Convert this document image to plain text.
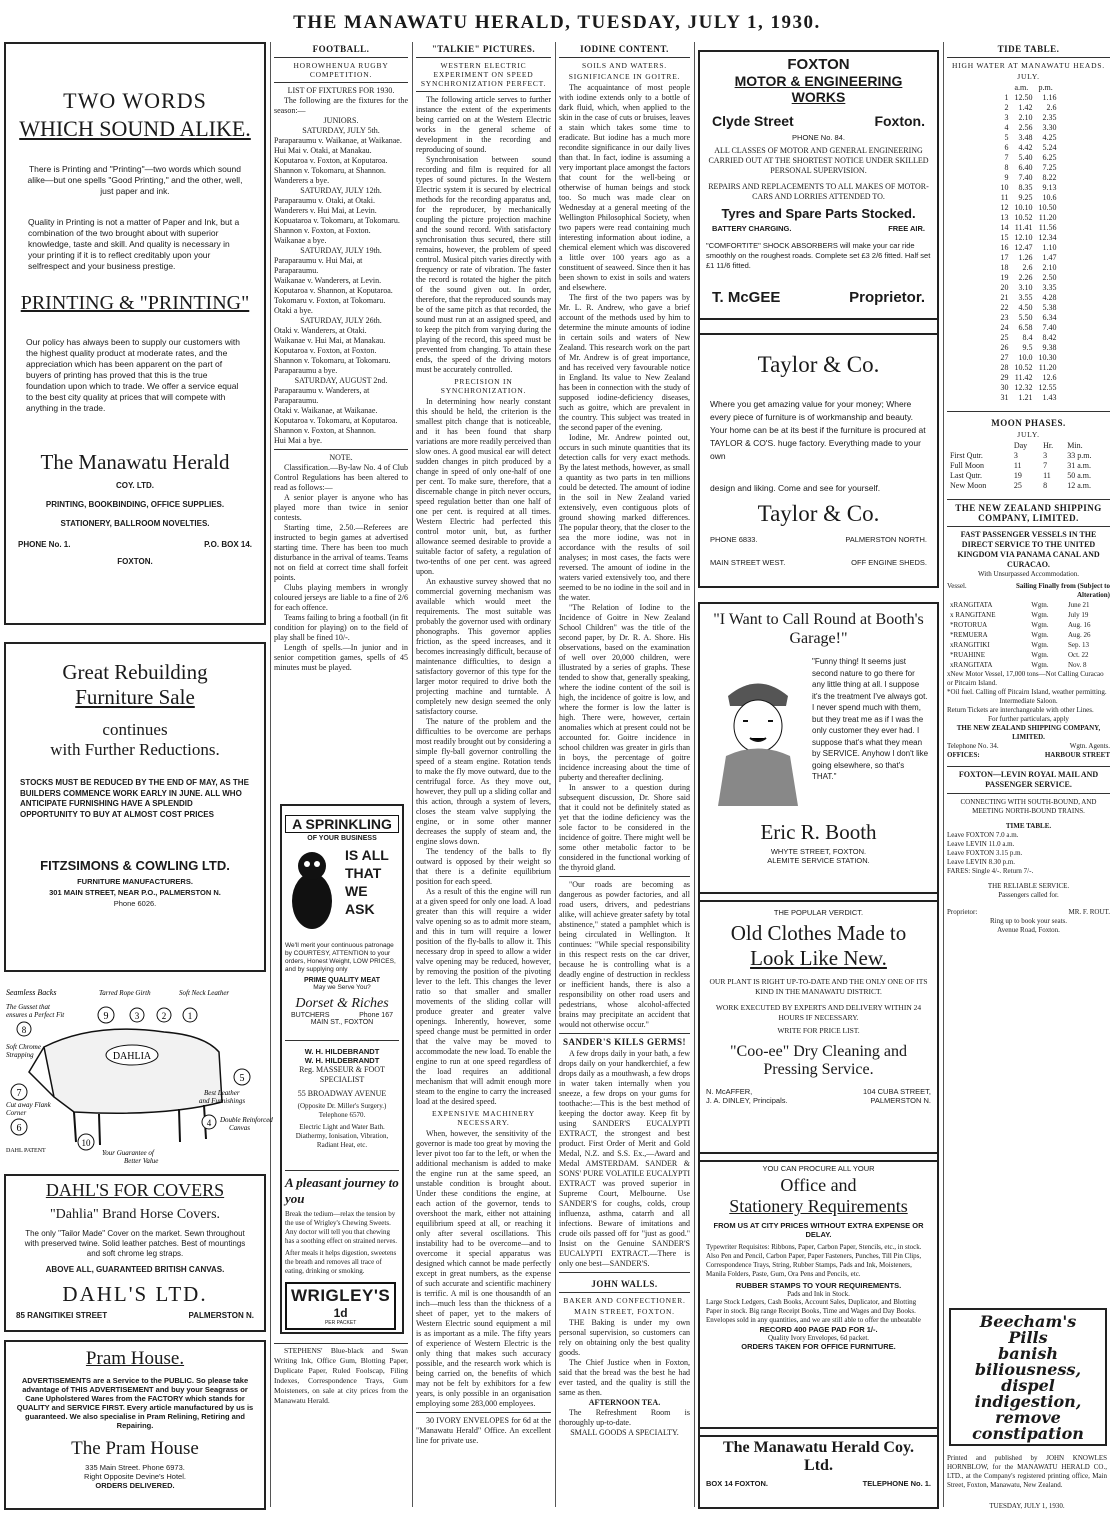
THE MANAWATU HERALD, TUESDAY, JULY 1, 1930.
TWO WORDS
WHICH SOUND ALIKE.
There is Printing and "Printing"—two words which sound alike—but one spells "Good Printing," and the other, well, just paper and ink.
Quality in Printing is not a matter of Paper and Ink, but a combination of the two brought about with superior knowledge, taste and skill. And quality is necessary in your printing if it is to reflect creditably upon your selfrespect and your business prestige.
PRINTING & "PRINTING"
Our policy has always been to supply our customers with the highest quality product at moderate rates, and the appreciation which has been apparent on the part of buyers of printing has proved that this is the true foundation upon which to trade. We offer a service equal to the best city quality at prices that will compete with anything in the trade.
The Manawatu Herald
COY. LTD.
PRINTING, BOOKBINDING, OFFICE SUPPLIES.
STATIONERY, BALLROOM NOVELTIES.
PHONE No. 1.	P.O. BOX 14.
FOXTON.
Great Rebuilding
Furniture Sale
continues
with Further Reductions.
STOCKS MUST BE REDUCED BY THE END OF MAY, AS THE BUILDERS COMMENCE WORK EARLY IN JUNE. ALL WHO ANTICIPATE FURNISHING HAVE A SPLENDID OPPORTUNITY TO BUY AT ALMOST COST PRICES
FITZSIMONS & COWLING LTD.
FURNITURE MANUFACTURERS.
301 MAIN STREET, NEAR P.O., PALMERSTON N.
Phone 6026.
DAHLIA
9	3	2 1
8
5
7
6	4
10
Seamless Backs	Tarred Rope Girth	Soft Neck Leather
The Gusset that
ensures a Perfect Fit
Soft Chrome
Strapping
Best Leather
and Furnishings
Cut away Flank
Corner
Double Reinforced
Canvas
DAHL PATENT	Your Guarantee of
Better Value
DAHL'S FOR COVERS
"Dahlia" Brand Horse Covers.
The only "Tailor Made" Cover on the market. Sewn throughout with preserved twine. Solid leather patches. Best of mountings and soft chrome leg straps.
ABOVE ALL, GUARANTEED BRITISH CANVAS.
DAHL'S LTD.
85 RANGITIKEI STREET	PALMERSTON N.
Pram House.
ADVERTISEMENTS are a Service to the PUBLIC. So please take advantage of THIS ADVERTISEMENT and buy your Seagrass or Cane Upholstered Wares from the FACTORY which stands for QUALITY and SERVICE FIRST. Every article manufactured by us is guaranteed. We also specialise in Pram Relining, Retiring and Repairing.
The Pram House
335 Main Street. Phone 6973.
Right Opposite Devine's Hotel.
ORDERS DELIVERED.
FOOTBALL.
HOROWHENUA RUGBY COMPETITION.
LIST OF FIXTURES FOR 1930.
The following are the fixtures for the season:—
JUNIORS.
SATURDAY, JULY 5th.
Paraparaumu v. Waikanae, at Waikanae.
Hui Mai v. Otaki, at Manakau.
Koputaroa v. Foxton, at Koputaroa.
Shannon v. Tokomaru, at Shannon.
Wanderers a bye.
SATURDAY, JULY 12th.
Paraparaumu v. Otaki, at Otaki.
Wanderers v. Hui Mai, at Levin.
Kopuataroa v. Tokomaru, at Tokomaru.
Shannon v. Foxton, at Foxton.
Waikanae a bye.
SATURDAY, JULY 19th.
Paraparaumu v. Hui Mai, at Paraparaumu.
Waikanae v. Wanderers, at Levin.
Koputaroa v. Shannon, at Koputaroa.
Tokomaru v. Foxton, at Tokomaru.
Otaki a bye.
SATURDAY, JULY 26th.
Otaki v. Wanderers, at Otaki.
Waikanae v. Hui Mai, at Manakau.
Koputaroa v. Foxton, at Foxton.
Shannon v. Tokomaru, at Tokomaru.
Paraparaumu a bye.
SATURDAY, AUGUST 2nd.
Paraparaumu v. Wanderers, at Paraparaumu.
Otaki v. Waikanae, at Waikanae.
Koputaroa v. Tokomaru, at Koputaroa.
Shannon v. Foxton, at Shannon.
Hui Mai a bye.
NOTE.
Classification.—By-law No. 4 of Club Control Regulations has been altered to read as follows:—
A senior player is anyone who has played more than twice in senior contests.
Starting time, 2.50.—Referees are instructed to begin games at advertised starting time. There has been too much disturbance in the arrival of teams. Teams not on field at correct time shall forfeit points.
Clubs playing members in wrongly coloured jerseys are liable to a fine of 2/6 for each offence.
Teams failing to bring a football (in fit condition for playing) on to the field of play shall be fined 10/-.
Length of spells.—In junior and in senior competition games, spells of 45 minutes must be played.
A SPRINKLING
OF YOUR BUSINESS
IS ALL THAT WE ASK
We'll merit your continuous patronage by COURTESY, ATTENTION to your orders, Honest Weight, LOW PRICES, and by supplying only
PRIME QUALITY MEAT
May we Serve You?
Dorset & Riches
BUTCHERS	Phone 167
MAIN ST., FOXTON
W. H. HILDEBRANDT
W. H. HILDEBRANDT
Reg. MASSEUR & FOOT SPECIALIST
55 BROADWAY AVENUE
(Opposite Dr. Miller's Surgery.) Telephone 6570.
Electric Light and Water Bath. Diathermy, Ionisation, Vibration, Radiant Heat, etc.
A pleasant journey to you
Break the tedium—relax the tension by the use of Wrigley's Chewing Sweets. Any doctor will tell you that chewing has a soothing effect on strained nerves.
After meals it helps digestion, sweetens the breath and removes all trace of eating, drinking or smoking.
WRIGLEY'S
1d
PER PACKET
STEPHENS' Blue-black and Swan Writing Ink, Office Gum, Blotting Paper, Duplicate Paper, Ruled Foolscap, Filing Indexes, Correspondence Trays, Gum Moisteners, on sale at city prices from the Manawatu Herald.
"TALKIE" PICTURES.
WESTERN ELECTRIC EXPERIMENT ON SPEED SYNCHRONIZATION PERFECT.
The following article serves to further instance the extent of the experiments being carried on at the Western Electric works in the general scheme of development in the recording and reproducing of sound.
Synchronisation between sound recording and film is required for all types of sound pictures. In the Western Electric system it is secured by electrical methods for the recording apparatus and, for the reproducer, by mechanically coupling the picture projection machine and the sound record. With satisfactory synchronisation thus secured, there still remains, however, the problem of speed control. Musical pitch varies directly with frequency or rate of vibration. The faster the record is rotated the higher the pitch of the sound given out. In order, therefore, that the reproduced sounds may be of the same pitch as that recorded, the sound must run at an assigned speed, and to keep the pitch from varying during the playing of the record, this speed must be prevented from changing. To attain these ends, the speed of the driving motors must be accurately controlled.
PRECISION IN SYNCHRONIZATION.
In determining how nearly constant this should be held, the criterion is the smallest pitch change that is noticeable, and it has been found that sharp variations are more readily perceived than slow ones. A good musical ear will detect sudden changes in pitch produced by a change in speed of only one-half of one per cent. To make sure, therefore, that a discernable change in pitch never occurs, speed regulation better than one half of one per cent. is required at all times. Western Electric had perfected this control motor unit, but, as further allowance seemed desirable to provide a suitable factor of safety, a regulation of two-tenths of one per cent. was agreed upon.
An exhaustive survey showed that no commercial governing mechanism was available which would meet the requirements. The most suitable was probably the governor used with ordinary phonographs. This governor applies friction, as the speed increases, and it becomes increasingly difficult, because of maintenance difficulties, to design a satisfactory governor of this type for the larger motor required to drive both the projecting machine and turntable. A completely new design seemed the only satisfactory course.
The nature of the problem and the difficulties to be overcome are perhaps most readily brought out by considering a simple fly-ball governor controlling the speed of a steam engine. Rotation tends to make the fly move outward, due to the centrifugal force. As they move out, however, they pull up a sliding collar and this action, through a system of levers, closes the steam valve supplying the engine, or in some other manner decreases the supply of steam and, the engine slows down.
The tendency of the balls to fly outward is opposed by their weight so that there is a definite equilibrium position for each speed.
As a result of this the engine will run at a given speed for only one load. A load greater than this will require a wider valve opening so as to admit more steam, and this in turn will require a lower position of the fly-balls to allow it. This necessary drop in speed to allow a wider valve opening may be reduced, however, by removing the position of the pivoting lever to the left. This changes the lever ratio so that smaller and smaller movements of the sliding collar will produce greater and greater valve openings. Inherently, however, some speed change must be permitted in order that the valve may be moved to accommodate the new load. To enable the engine to run at one speed regardless of the load requires an additional mechanism that will admit enough more steam to the engine to carry the increased load at the desired speed.
EXPENSIVE MACHINERY NECESSARY.
When, however, the sensitivity of the governor is made too great by moving the lever pivot too far to the left, or when the additional mechanism is added to make the engine run at the same speed, an unstable condition is brought about. Under these conditions the engine, at each action of the governor, tends to overshoot the mark, either not attaining equilibrium speed at all, or reaching it only after several oscillations. This instability had to be overcome—and to overcome it special apparatus was designed which cannot be made perfectly except in great numbers, as the expense of such accurate and scientific machinery is terrific. A mil is one thousandth of an inch—much less than the thickness of a sheet of paper, yet to the makers of Western Electric sound equipment a mil is as important as a mile. The fifty years of experience of Western Electric is the only thing that makes such accuracy possible, and the research work which is being carried on, the benefits of which may not be felt by exhibitors for a few years, is only possible in an organisation employing some 283,000 employees.
30 IVORY ENVELOPES for 6d at the "Manawatu Herald" Office. An excellent line for private use.
IODINE CONTENT.
SOILS AND WATERS.
SIGNIFICANCE IN GOITRE.
The acquaintance of most people with iodine extends only to a bottle of dark fluid, which, when applied to the skin in the case of cuts or bruises, leaves a stain which takes some time to eradicate. But iodine has a much more recondite significance in our daily lives than that. In fact, iodine is assuming a very important place amongst the factors that count for the well-being or otherwise of human beings and stock too. So much was made clear on Wednesday at a general meeting of the Wellington Philosophical Society, when two papers were read containing much interesting information about iodine, a chemical element which was discovered a little over 100 years ago as a constituent of seaweed. Since then it has been shown to exist in soils and waters and elsewhere.
The first of the two papers was by Mr. L. R. Andrew, who gave a brief account of the methods used by him to determine the minute amounts of iodine in certain soils and waters of New Zealand. This research work on the part of Mr. Andrew is of great importance, and has received very favourable notice in England. Its value to New Zealand has been in connection with the study of supposed iodine-deficiency diseases, such as goitre, which are prevalent in the country. This subject was treated in the second paper of the evening.
Iodine, Mr. Andrew pointed out, occurs in such minute quantities that its detection calls for very exact methods. By the latest methods, however, as small a quantity as two parts in ten millions could be detected. The amount of iodine in the soil in New Zealand varied extensively, even contiguous plots of ground showing marked differences. The popular theory, that the closer to the sea the more iodine, was not in accordance with the results of soil analyses; in most cases, the facts were reversed. The amount of iodine in the waters varied extensively too, and there seemed to be no iodine in the soil and in the water.
"The Relation of Iodine to the Incidence of Goitre in New Zealand School Children" was the title of the second paper, by Dr. R. A. Shore. His observations, based on the examination of well over 20,000 children, were illustrated by a series of graphs. These tended to show that, generally speaking, where the iodine content of the soil is high, the incidence of goitre is low, and where the former is low the latter is high. There were, however, certain anomalies which at present could not be accounted for. Goitre incidence in school children was greater in girls than in boys, the percentage of goitre incidence increasing about the time of puberty and thereafter declining.
In answer to a question during subsequent discussion, Dr. Shore said that it could not be definitely stated as yet that the iodine deficiency was the sole factor to be considered in the incidence of goitre. There might well be some other metabolic factor to be considered in the functional working of the thyroid gland.
"Our roads are becoming as dangerous as powder factories, and all road users, drivers, and pedestrians alike, will achieve greater safety by total abstinence," stated a pamphlet which is being circulated in Wellington. It continues: "While special responsibility in this respect rests on the car driver, because he is controlling what is a deadly engine of destruction in reckless or inefficient hands, there is also a responsibility on other road users and pedestrians, whose alcohol-affected brains may precipitate an accident that would not otherwise occur."
SANDER'S KILLS GERMS!
A few drops daily in your bath, a few drops daily on your handkerchief, a few drops daily as a mouthwash, a few drops in water taken internally when you sneeze, a few drops on your gums for toothache:—This is the best method of keeping the doctor away. Keep fit by using SANDER'S EUCALYPTI EXTRACT, the strongest and best product. First Order of Merit and Gold Medal, N.Z. and S.S. Ex.,—Award and Medal AMSTERDAM. SANDER & SONS' PURE VOLATILE EUCALYPTI EXTRACT was proved superior in Supreme Court, Melbourne. Use SANDER'S for coughs, colds, croup influenza, asthma, catarrh and all infections. Beware of imitations and crude oils passed off for "just as good." Insist on the Genuine SANDER'S EUCALYPTI EXTRACT.—There is only one best—SANDER'S.
JOHN WALLS.
BAKER AND CONFECTIONER.
MAIN STREET, FOXTON.
THE Baking is under my own personal supervision, so customers can rely on obtaining only the best quality goods.
The Chief Justice when in Foxton, said that the bread was the best he had ever tasted, and the quality is still the same as then.
AFTERNOON TEA.
The Refreshment Room is thoroughly up-to-date.
SMALL GOODS A SPECIALTY.
FOXTON
MOTOR & ENGINEERING WORKS
Clyde Street	Foxton.
PHONE No. 84.
ALL CLASSES OF MOTOR AND GENERAL ENGINEERING CARRIED OUT AT THE SHORTEST NOTICE UNDER SKILLED PERSONAL SUPERVISION.
REPAIRS AND REPLACEMENTS TO ALL MAKES OF MOTOR-CARS AND LORRIES ATTENDED TO.
Tyres and Spare Parts Stocked.
BATTERY CHARGING.	FREE AIR.
"COMFORTITE" SHOCK ABSORBERS will make your car ride smoothly on the roughest roads. Complete set £3 2/6 fitted. Half set £1 11/6 fitted.
T. McGEE	Proprietor.
Taylor & Co.
Where you get amazing value for your money; Where every piece of furniture is of workmanship and beauty. Your home can be at its best if the furniture is procured at TAYLOR & CO'S. huge factory. Everything made to your own
design and liking. Come and see for yourself.
Taylor & Co.
PHONE 6833.	PALMERSTON NORTH.
MAIN STREET WEST.	OFF ENGINE SHEDS.
"I Want to Call Round at Booth's Garage!"
"Funny thing! It seems just second nature to go there for any little thing at all. I suppose it's the treatment I've always got. I never spend much with them, but they treat me as if I was the only customer they ever had. I suppose that's what they mean by SERVICE. Anyhow I don't like going elsewhere, so that's THAT."
Eric R. Booth
WHYTE STREET, FOXTON.
ALEMITE SERVICE STATION.
THE POPULAR VERDICT.
Old Clothes Made to
Look Like New.
OUR PLANT IS RIGHT UP-TO-DATE AND THE ONLY ONE OF ITS KIND IN THE MANAWATU DISTRICT.
WORK EXECUTED BY EXPERTS AND DELIVERY WITHIN 24 HOURS IF NECESSARY.
WRITE FOR PRICE LIST.
"Coo-ee" Dry Cleaning and Pressing Service.
N. McAFFER,	104 CUBA STREET,
J. A. DINLEY, Principals.	PALMERSTON N.
YOU CAN PROCURE ALL YOUR
Office and
Stationery Requirements
FROM US AT CITY PRICES WITHOUT EXTRA EXPENSE OR DELAY.
Typewriter Requisites: Ribbons, Paper, Carbon Paper, Stencils, etc., in stock. Also Pen and Pencil, Carbon Paper, Paper Fasteners, Punches, Till Pin Clips, Correspondence Trays, String, Rubber Stamps, Pads and Ink, Moisteners, Manila Folders, Paste, Gum, Ora Pens and Pencils, etc.
RUBBER STAMPS TO YOUR REQUIREMENTS.
Pads and Ink in Stock.
Large Stock Ledgers, Cash Books, Account Sales, Duplicator, and Blotting Paper in stock. Big range Receipt Books, Time and Wages and Day Books. Envelopes sold in any quantities, and we are still able to offer the unbeatable
RECORD 400 PAGE PAD FOR 1/-.
Quality Ivory Envelopes, 6d packet.
ORDERS TAKEN FOR OFFICE FURNITURE.
The Manawatu Herald Coy.
Ltd.
BOX 14 FOXTON.	TELEPHONE No. 1.
TIDE TABLE.
HIGH WATER AT MANAWATU HEADS.
JULY.
	a.m.	p.m.
1	12.50	1.16
2	1.42	2.6
3	2.10	2.35
4	2.56	3.30
5	3.48	4.25
6	4.42	5.24
7	5.40	6.25
8	6.40	7.25
9	7.40	8.22
10	8.35	9.13
11	9.25	10.6
12	10.10	10.50
13	10.52	11.20
14	11.41	11.56
15	12.10	12.34
16	12.47	1.10
17	1.26	1.47
18	2.6	2.10
19	2.26	2.50
20	3.10	3.35
21	3.55	4.28
22	4.50	5.38
23	5.50	6.34
24	6.58	7.40
25	8.4	8.42
26	9.5	9.38
27	10.0	10.30
28	10.52	11.20
29	11.42	12.6
30	12.32	12.55
31	1.21	1.43
MOON PHASES.
JULY.
	Day	Hr.	Min.
First Qutr.	3	3	33 p.m.
Full Moon	11	7	31 a.m.
Last Qutr.	19	11	50 a.m.
New Moon	25	8	12 a.m.
THE NEW ZEALAND SHIPPING COMPANY, LIMITED.
FAST PASSENGER VESSELS IN THE DIRECT SERVICE TO THE UNITED KINGDOM VIA PANAMA CANAL AND CURACAO.
With Unsurpassed Accommodation.
Vessel.	Sailing Finally from (Subject to Alteration)
xRANGITATA	Wgtn.	June 21
x RANGITANE	Wgtn.	July 19
*ROTORUA	Wgtn.	Aug. 16
*REMUERA	Wgtn.	Aug. 26
xRANGITIKI	Wgtn.	Sep. 13
*RUAHINE	Wgtn.	Oct. 22
xRANGITATA	Wgtn.	Nov. 8
xNew Motor Vessel, 17,000 tons—Not Calling Curacao or Pitcairn Island.
*Oil fuel. Calling off Pitcairn Island, weather permitting.
Intermediate Saloon.
Return Tickets are interchangeable with other Lines.
For further particulars, apply
THE NEW ZEALAND SHIPPING COMPANY, LIMITED.
Telephone No. 34.	Wgtn. Agents.
OFFICES:	HARBOUR STREET
FOXTON—LEVIN ROYAL MAIL AND PASSENGER SERVICE.
CONNECTING WITH SOUTH-BOUND, AND MEETING NORTH-BOUND TRAINS.
TIME TABLE.
Leave FOXTON 7.0 a.m.
Leave LEVIN 11.0 a.m.
Leave FOXTON 3.15 p.m.
Leave LEVIN 8.30 p.m.
FARES: Single 4/-. Return 7/-.
THE RELIABLE SERVICE.
Passengers called for.
Proprietor:	MR. F. ROUT.
Ring up to book your seats.
Avenue Road, Foxton.
Beecham's
Pills
banish
biliousness,
dispel
indigestion,
remove
constipation
Printed and published by JOHN KNOWLES HORNBLOW, for the MANAWATU HERALD CO., LTD., at the Company's registered printing office, Main Street, Foxton, Manawatu, New Zealand.
TUESDAY, JULY 1, 1930.
